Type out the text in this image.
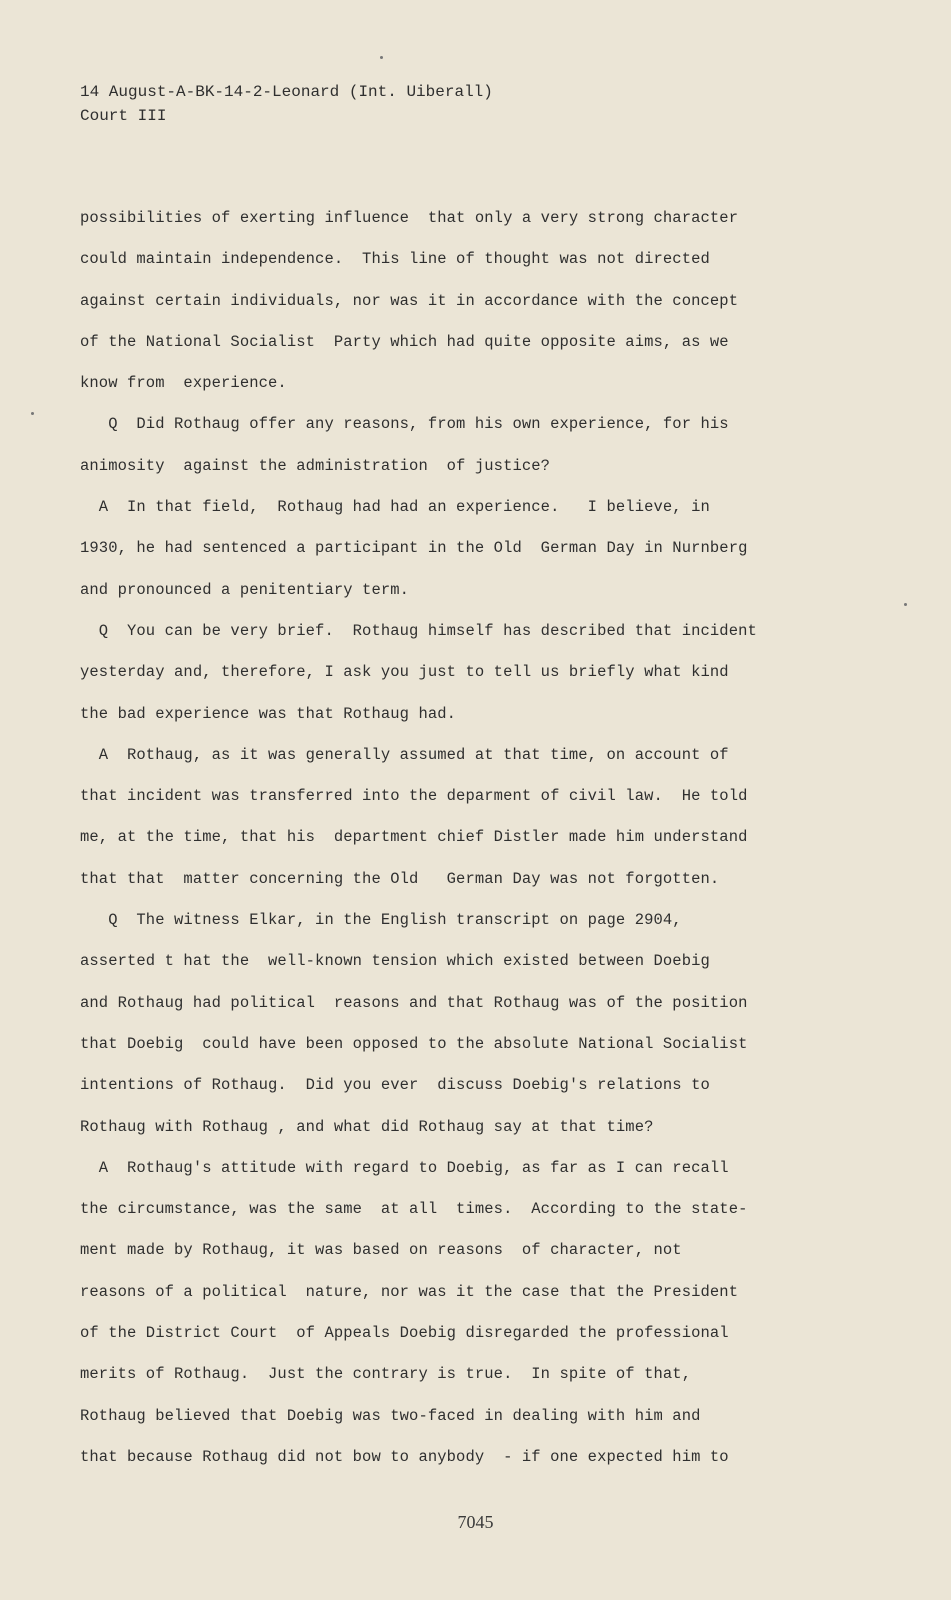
14 August-A-BK-14-2-Leonard (Int. Uiberall)
Court III
possibilities of exerting influence  that only a very strong character
could maintain independence.  This line of thought was not directed
against certain individuals, nor was it in accordance with the concept
of the National Socialist  Party which had quite opposite aims, as we
know from  experience.
Q  Did Rothaug offer any reasons, from his own experience, for his
animosity  against the administration  of justice?
A  In that field,  Rothaug had had an experience.   I believe, in
1930, he had sentenced a participant in the Old  German Day in Nurnberg
and pronounced a penitentiary term.
Q  You can be very brief.  Rothaug himself has described that incident
yesterday and, therefore, I ask you just to tell us briefly what kind
the bad experience was that Rothaug had.
A  Rothaug, as it was generally assumed at that time, on account of
that incident was transferred into the deparment of civil law.  He told
me, at the time, that his  department chief Distler made him understand
that that  matter concerning the Old   German Day was not forgotten.
Q  The witness Elkar, in the English transcript on page 2904,
asserted t hat the  well-known tension which existed between Doebig
and Rothaug had political  reasons and that Rothaug was of the position
that Doebig  could have been opposed to the absolute National Socialist
intentions of Rothaug.  Did you ever  discuss Doebig's relations to
Rothaug with Rothaug , and what did Rothaug say at that time?
A  Rothaug's attitude with regard to Doebig, as far as I can recall
the circumstance, was the same  at all  times.  According to the state-
ment made by Rothaug, it was based on reasons  of character, not
reasons of a political  nature, nor was it the case that the President
of the District Court  of Appeals Doebig disregarded the professional
merits of Rothaug.  Just the contrary is true.  In spite of that,
Rothaug believed that Doebig was two-faced in dealing with him and
that because Rothaug did not bow to anybody  - if one expected him to
7045
